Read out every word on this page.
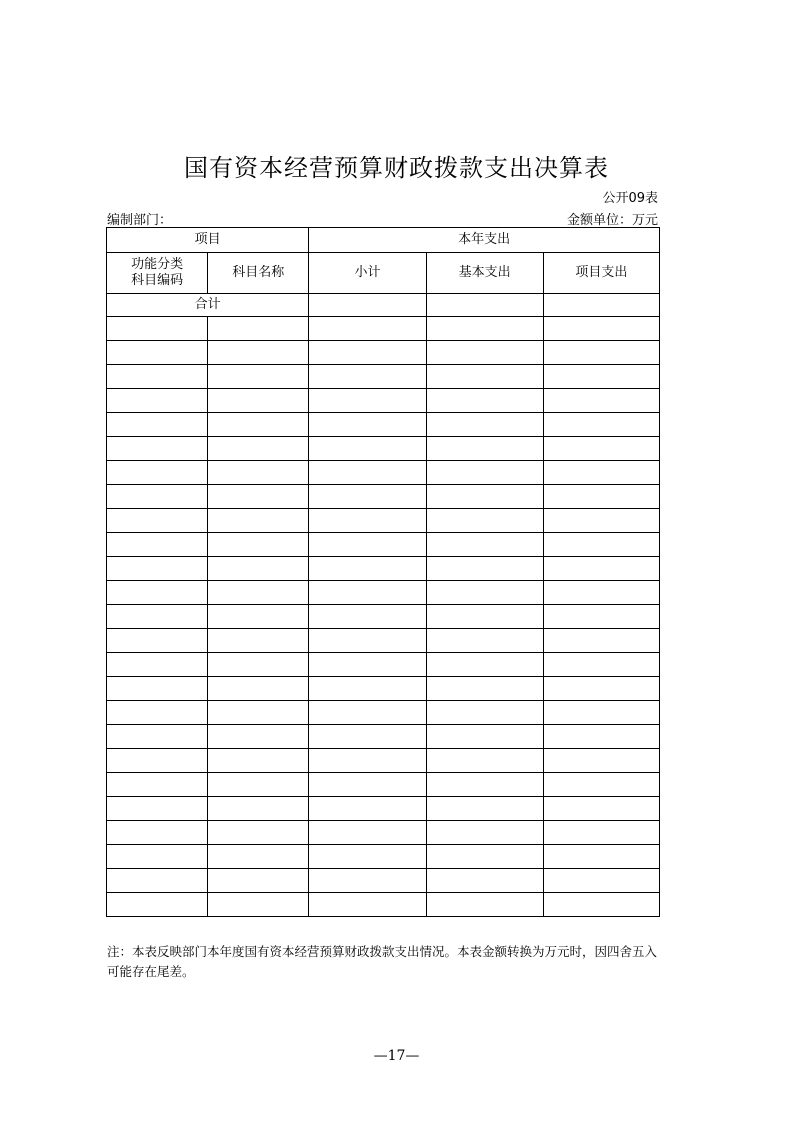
国有资本经营预算财政拨款支出决算表
公开09表
编制部门：	金额单位：万元
项目		本年支出		
功能分类
科目编码	科目名称	小计	基本支出	项目支出
合计				

注：本表反映部门本年度国有资本经营预算财政拨款支出情况。本表金额转换为万元时，因四舍五入可能存在尾差。
—17—
